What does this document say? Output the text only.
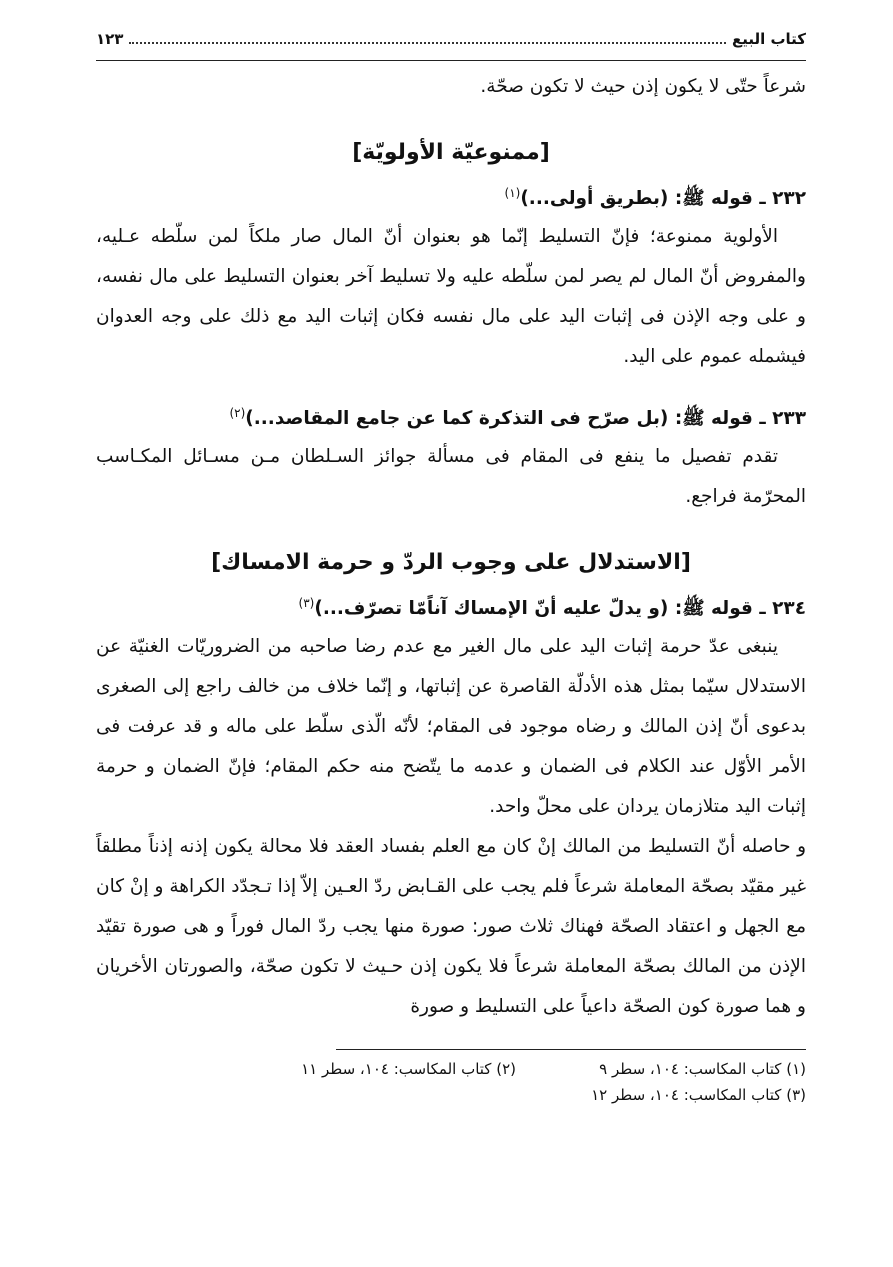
كتاب البيع
١٢٣

شرعاً حتّى لا يكون إذن حيث لا تكون صحّة.

[ممنوعيّة الأولويّة]

٢٣٢ ـ قوله ﷺ: (بطريق أولى...)$^{(١)}$

الأولوية ممنوعة؛ فإنّ التسليط إنّما هو بعنوان أنّ المال صار ملكاً لمن سلّطه عـليه، والمفروض أنّ المال لم يصر لمن سلّطه عليه ولا تسليط آخر بعنوان التسليط على مال نفسه، و على وجه الإذن فى إثبات اليد على مال نفسه فكان إثبات اليد مع ذلك على وجه العدوان فيشمله عموم على اليد.

٢٣٣ ـ قوله ﷺ: (بل صرّح فى التذكرة كما عن جامع المقاصد...)$^{(٢)}$

تقدم تفصيل ما ينفع فى المقام فى مسألة جوائز السـلطان مـن مسـائل المكـاسب المحرّمة فراجع.

[الاستدلال على وجوب الردّ و حرمة الامساك]

٢٣٤ ـ قوله ﷺ: (و يدلّ عليه أنّ الإمساك آناًمّا تصرّف...)$^{(٣)}$

ينبغى عدّ حرمة إثبات اليد على مال الغير مع عدم رضا صاحبه من الضروريّات الغنيّة عن الاستدلال سيّما بمثل هذه الأدلّة القاصرة عن إثباتها، و إنّما خلاف من خالف راجع إلى الصغرى بدعوى أنّ إذن المالك و رضاه موجود فى المقام؛ لأنّه الّذى سلّط على ماله و قد عرفت فى الأمر الأوّل عند الكلام فى الضمان و عدمه ما يتّضح منه حكم المقام؛ فإنّ الضمان و حرمة إثبات اليد متلازمان يردان على محلّ واحد.

و حاصله أنّ التسليط من المالك إنْ كان مع العلم بفساد العقد فلا محالة يكون إذنه إذناً مطلقاً غير مقيّد بصحّة المعاملة شرعاً فلم يجب على القـابض ردّ العـين إلاّ إذا تـجدّد الكراهة و إنْ كان مع الجهل و اعتقاد الصحّة فهناك ثلاث صور: صورة منها يجب ردّ المال فوراً و هى صورة تقيّد الإذن من المالك بصحّة المعاملة شرعاً فلا يكون إذن حـيث لا تكون صحّة، والصورتان الأخريان و هما صورة كون الصحّة داعياً على التسليط و صورة

(١) كتاب المكاسب: ١٠٤، سطر ٩
(٢) كتاب المكاسب: ١٠٤، سطر ١١
(٣) كتاب المكاسب: ١٠٤، سطر ١٢
